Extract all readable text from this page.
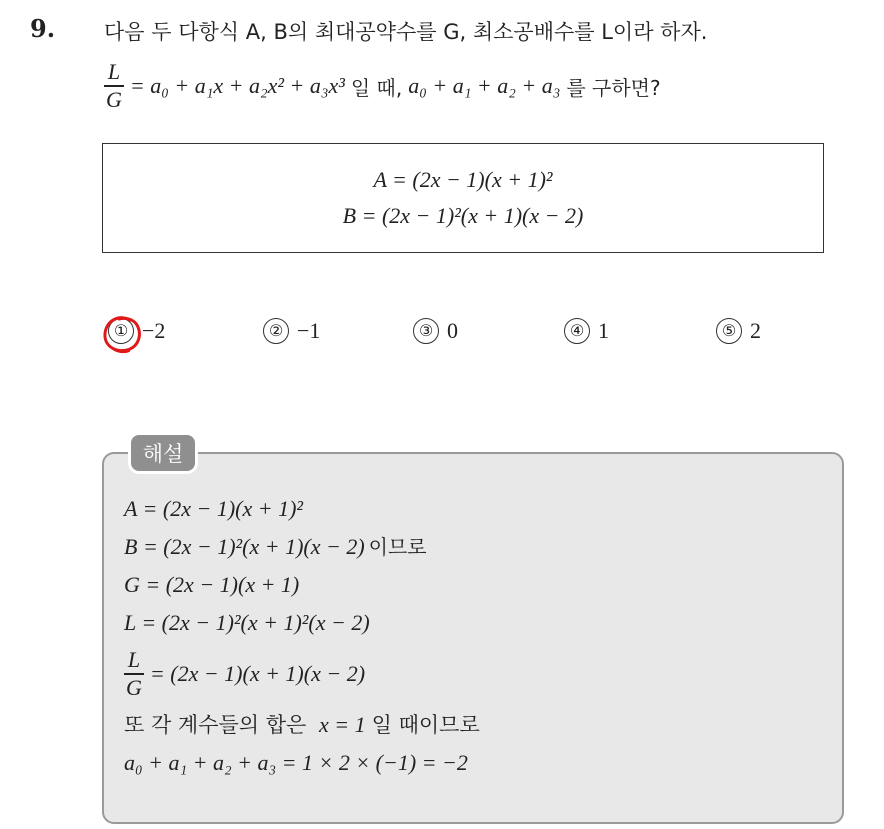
9. 다음 두 다항식 A, B의 최대공약수를 G, 최소공배수를 L이라 하자.
$\frac{L}{G} = a_0 + a_1x + a_2x^2 + a_3x^3$ 일 때, a₀ + a₁ + a₂ + a₃ 를 구하면?
A = (2x − 1)(x + 1)²
B = (2x − 1)²(x + 1)(x − 2)
① −2	② −1	③ 0	④ 1	⑤ 2
해설
A = (2x − 1)(x + 1)²
B = (2x − 1)²(x + 1)(x − 2) 이므로
G = (2x − 1)(x + 1)
L = (2x − 1)²(x + 1)²(x − 2)
$\frac{L}{G} = (2x - 1)(x + 1)(x - 2)$
또 각 계수들의 합은 x = 1 일 때이므로
a₀ + a₁ + a₂ + a₃ = 1 × 2 × (−1) = −2
